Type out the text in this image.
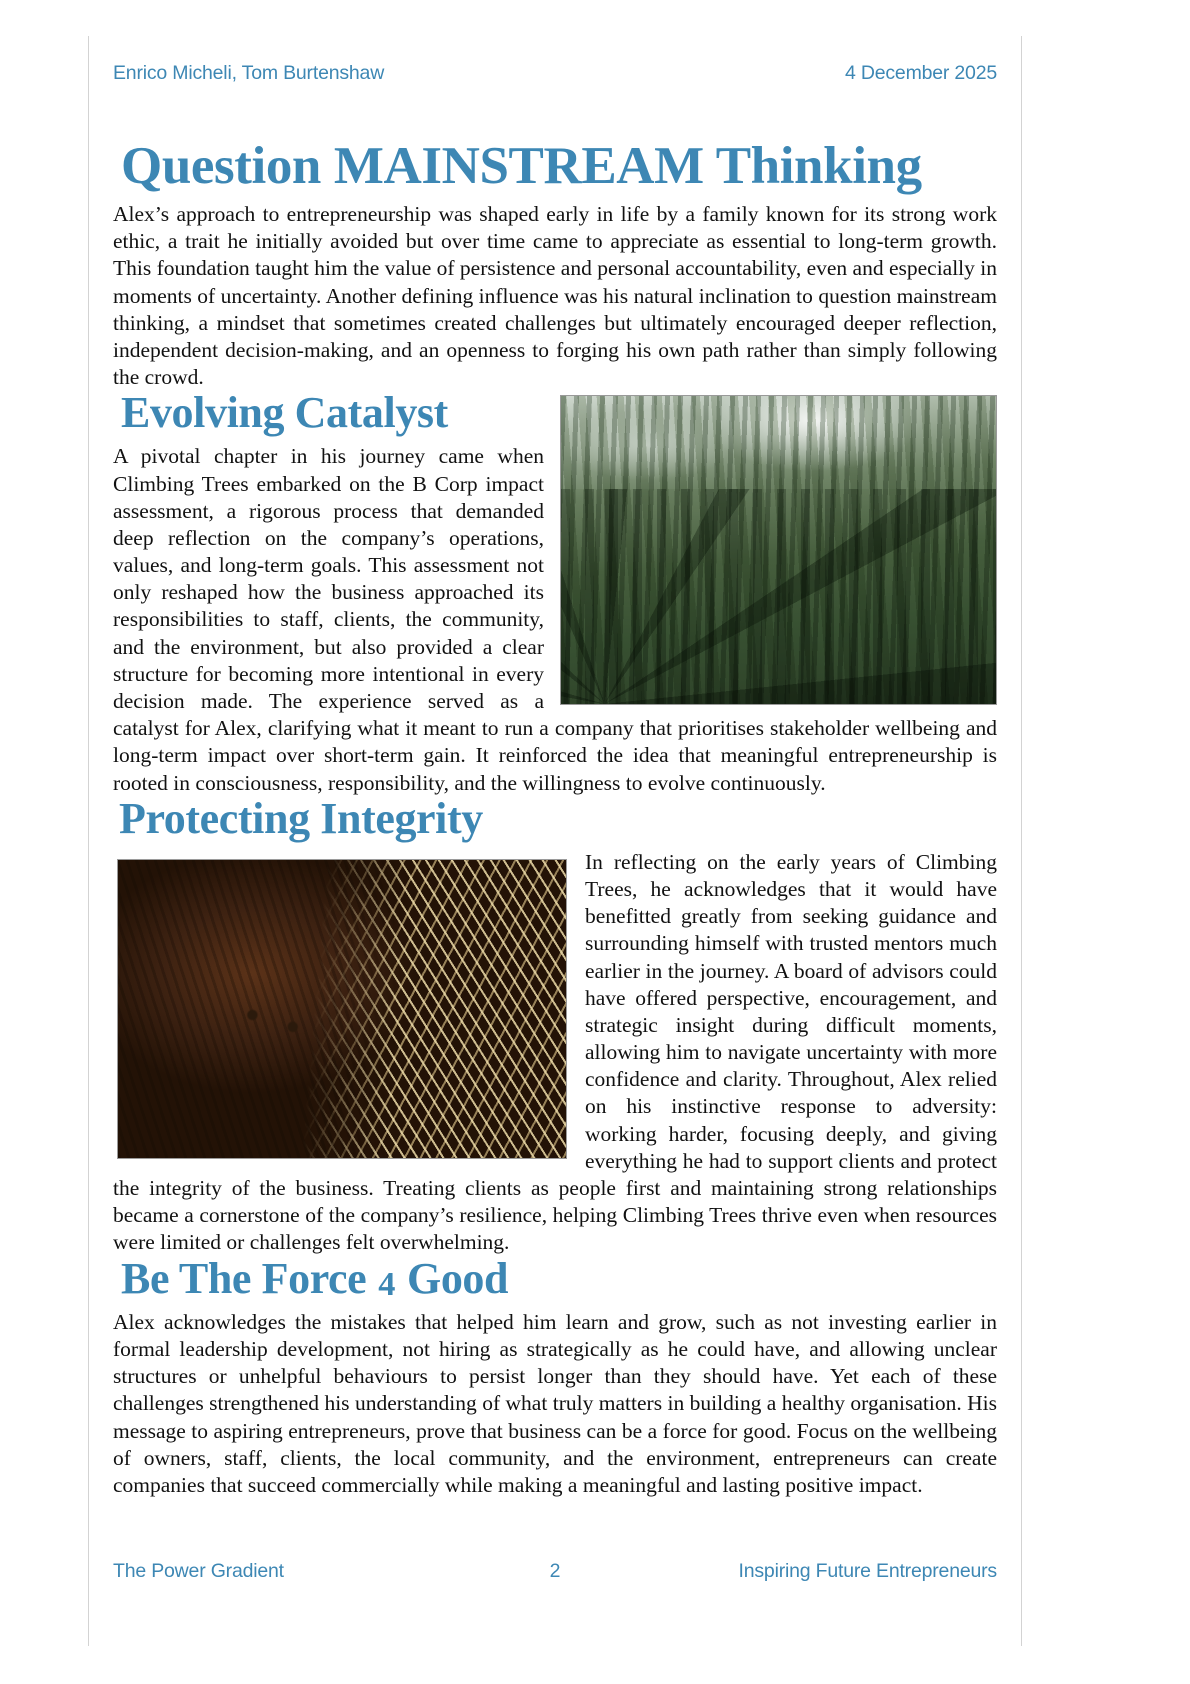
Enrico Micheli, Tom Burtenshaw	4 December 2025
Question MAINSTREAM Thinking

Alex’s approach to entrepreneurship was shaped early in life by a family known for its strong work ethic, a trait he initially avoided but over time came to appreciate as essential to long-term growth. This foundation taught him the value of persistence and personal accountability, even and especially in moments of uncertainty. Another defining influence was his natural inclination to question mainstream thinking, a mindset that sometimes created challenges but ultimately encouraged deeper reflection, independent decision-making, and an openness to forging his own path rather than simply following the crowd.

Evolving Catalyst

A pivotal chapter in his journey came when Climbing Trees embarked on the B Corp impact assessment, a rigorous process that demanded deep reflection on the company’s operations, values, and long-term goals. This assessment not only reshaped how the business approached its responsibilities to staff, clients, the community, and the environment, but also provided a clear structure for becoming more intentional in every decision made. The experience served as a catalyst for Alex, clarifying what it meant to run a company that prioritises stakeholder wellbeing and long-term impact over short-term gain. It reinforced the idea that meaningful entrepreneurship is rooted in consciousness, responsibility, and the willingness to evolve continuously.

Protecting Integrity

In reflecting on the early years of Climbing Trees, he acknowledges that it would have benefitted greatly from seeking guidance and surrounding himself with trusted mentors much earlier in the journey. A board of advisors could have offered perspective, encouragement, and strategic insight during difficult moments, allowing him to navigate uncertainty with more confidence and clarity. Throughout, Alex relied on his instinctive response to adversity: working harder, focusing deeply, and giving everything he had to support clients and protect the integrity of the business. Treating clients as people first and maintaining strong relationships became a cornerstone of the company’s resilience, helping Climbing Trees thrive even when resources were limited or challenges felt overwhelming.

Be The Force 4 Good

Alex acknowledges the mistakes that helped him learn and grow, such as not investing earlier in formal leadership development, not hiring as strategically as he could have, and allowing unclear structures or unhelpful behaviours to persist longer than they should have. Yet each of these challenges strengthened his understanding of what truly matters in building a healthy organisation. His message to aspiring entrepreneurs, prove that business can be a force for good. Focus on the wellbeing of owners, staff, clients, the local community, and the environment, entrepreneurs can create companies that succeed commercially while making a meaningful and lasting positive impact.

The Power Gradient	2	Inspiring Future Entrepreneurs
